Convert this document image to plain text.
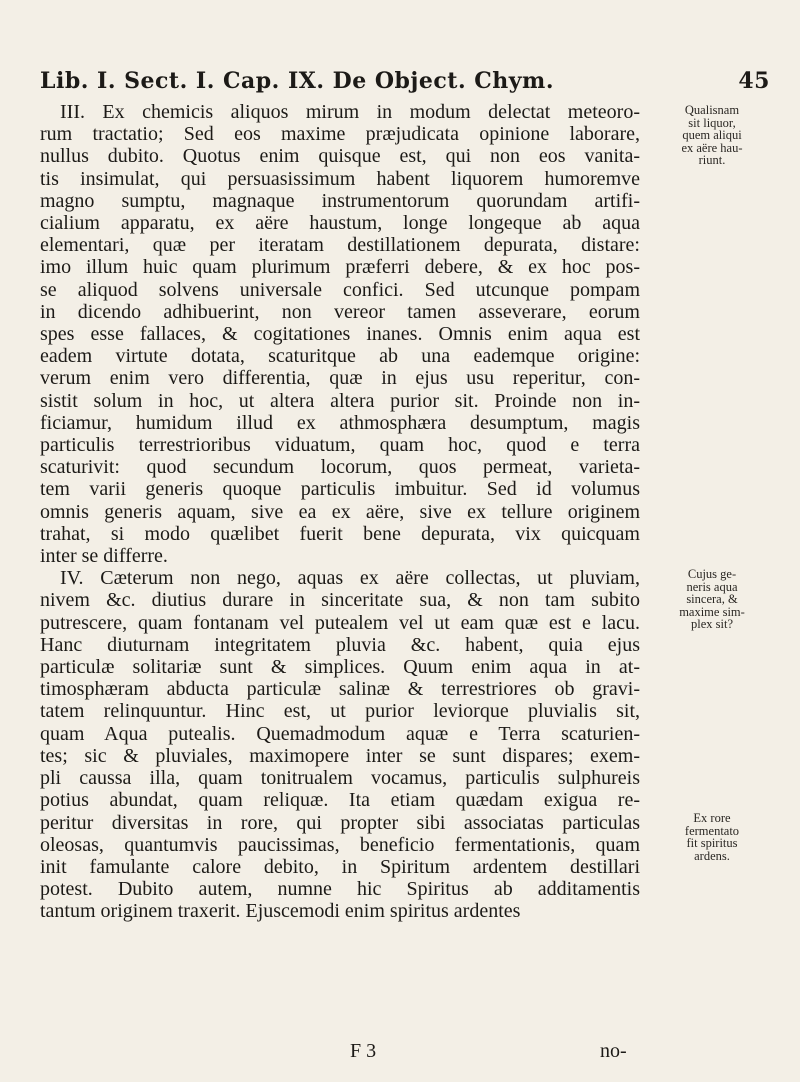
Lib. I. Sect. I. Cap. IX. De Object. Chym.	45
III. Ex chemicis aliquos mirum in modum delectat meteoro-
rum tractatio; Sed eos maxime præjudicata opinione laborare,
nullus dubito. Quotus enim quisque est, qui non eos vanita-
tis insimulat, qui persuasissimum habent liquorem humoremve
magno sumptu, magnaque instrumentorum quorundam artifi-
cialium apparatu, ex aëre haustum, longe longeque ab aqua
elementari, quæ per iteratam destillationem depurata, distare:
imo illum huic quam plurimum præferri debere, & ex hoc pos-
se aliquod solvens universale confici. Sed utcunque pompam
in dicendo adhibuerint, non vereor tamen asseverare, eorum
spes esse fallaces, & cogitationes inanes. Omnis enim aqua est
eadem virtute dotata, scaturitque ab una eademque origine:
verum enim vero differentia, quæ in ejus usu reperitur, con-
sistit solum in hoc, ut altera altera purior sit. Proinde non in-
ficiamur, humidum illud ex athmosphæra desumptum, magis
particulis terrestrioribus viduatum, quam hoc, quod e terra
scaturivit: quod secundum locorum, quos permeat, varieta-
tem varii generis quoque particulis imbuitur. Sed id volumus
omnis generis aquam, sive ea ex aëre, sive ex tellure originem
trahat, si modo quælibet fuerit bene depurata, vix quicquam
inter se differre.
IV. Cæterum non nego, aquas ex aëre collectas, ut pluviam,
nivem &c. diutius durare in sinceritate sua, & non tam subito
putrescere, quam fontanam vel putealem vel ut eam quæ est e lacu.
Hanc diuturnam integritatem pluvia &c. habent, quia ejus
particulæ solitariæ sunt & simplices. Quum enim aqua in at-
timosphæram abducta particulæ salinæ & terrestriores ob gravi-
tatem relinquuntur. Hinc est, ut purior leviorque pluvialis sit,
quam Aqua putealis. Quemadmodum aquæ e Terra scaturien-
tes; sic & pluviales, maximopere inter se sunt dispares; exem-
pli caussa illa, quam tonitrualem vocamus, particulis sulphureis
potius abundat, quam reliquæ. Ita etiam quædam exigua re-
peritur diversitas in rore, qui propter sibi associatas particulas
oleosas, quantumvis paucissimas, beneficio fermentationis, quam
init famulante calore debito, in Spiritum ardentem destillari
potest. Dubito autem, numne hic Spiritus ab additamentis
tantum originem traxerit. Ejuscemodi enim spiritus ardentes
Qualisnam
sit liquor,
quem aliqui
ex aëre hau-
riunt.
Cujus ge-
neris aqua
sincera, &
maxime sim-
plex sit?
Ex rore
fermentato
fit spiritus
ardens.
F 3	no-
